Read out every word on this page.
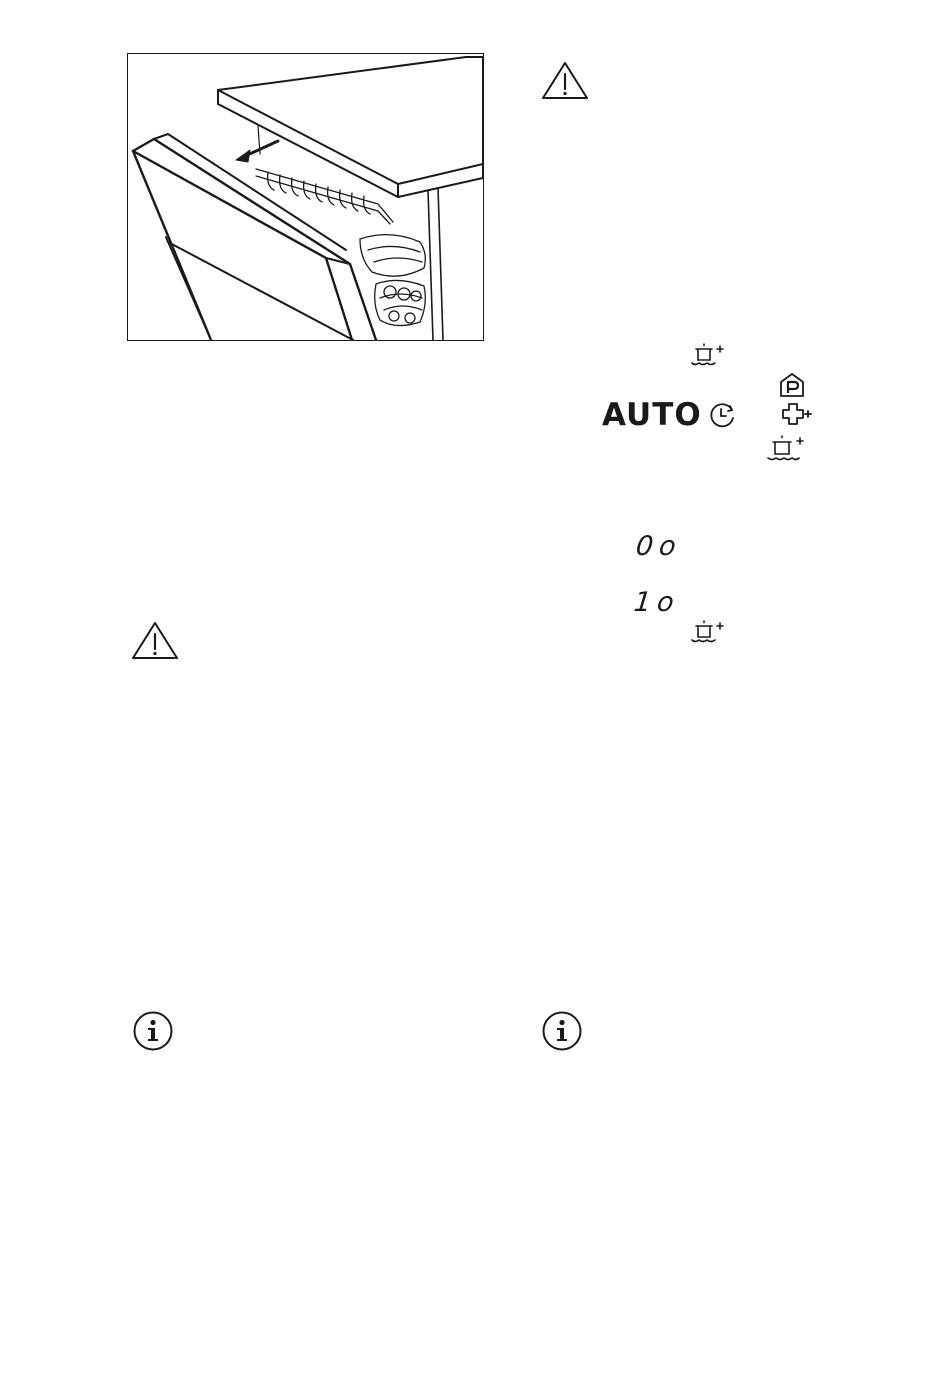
AUTO
0o
1o
